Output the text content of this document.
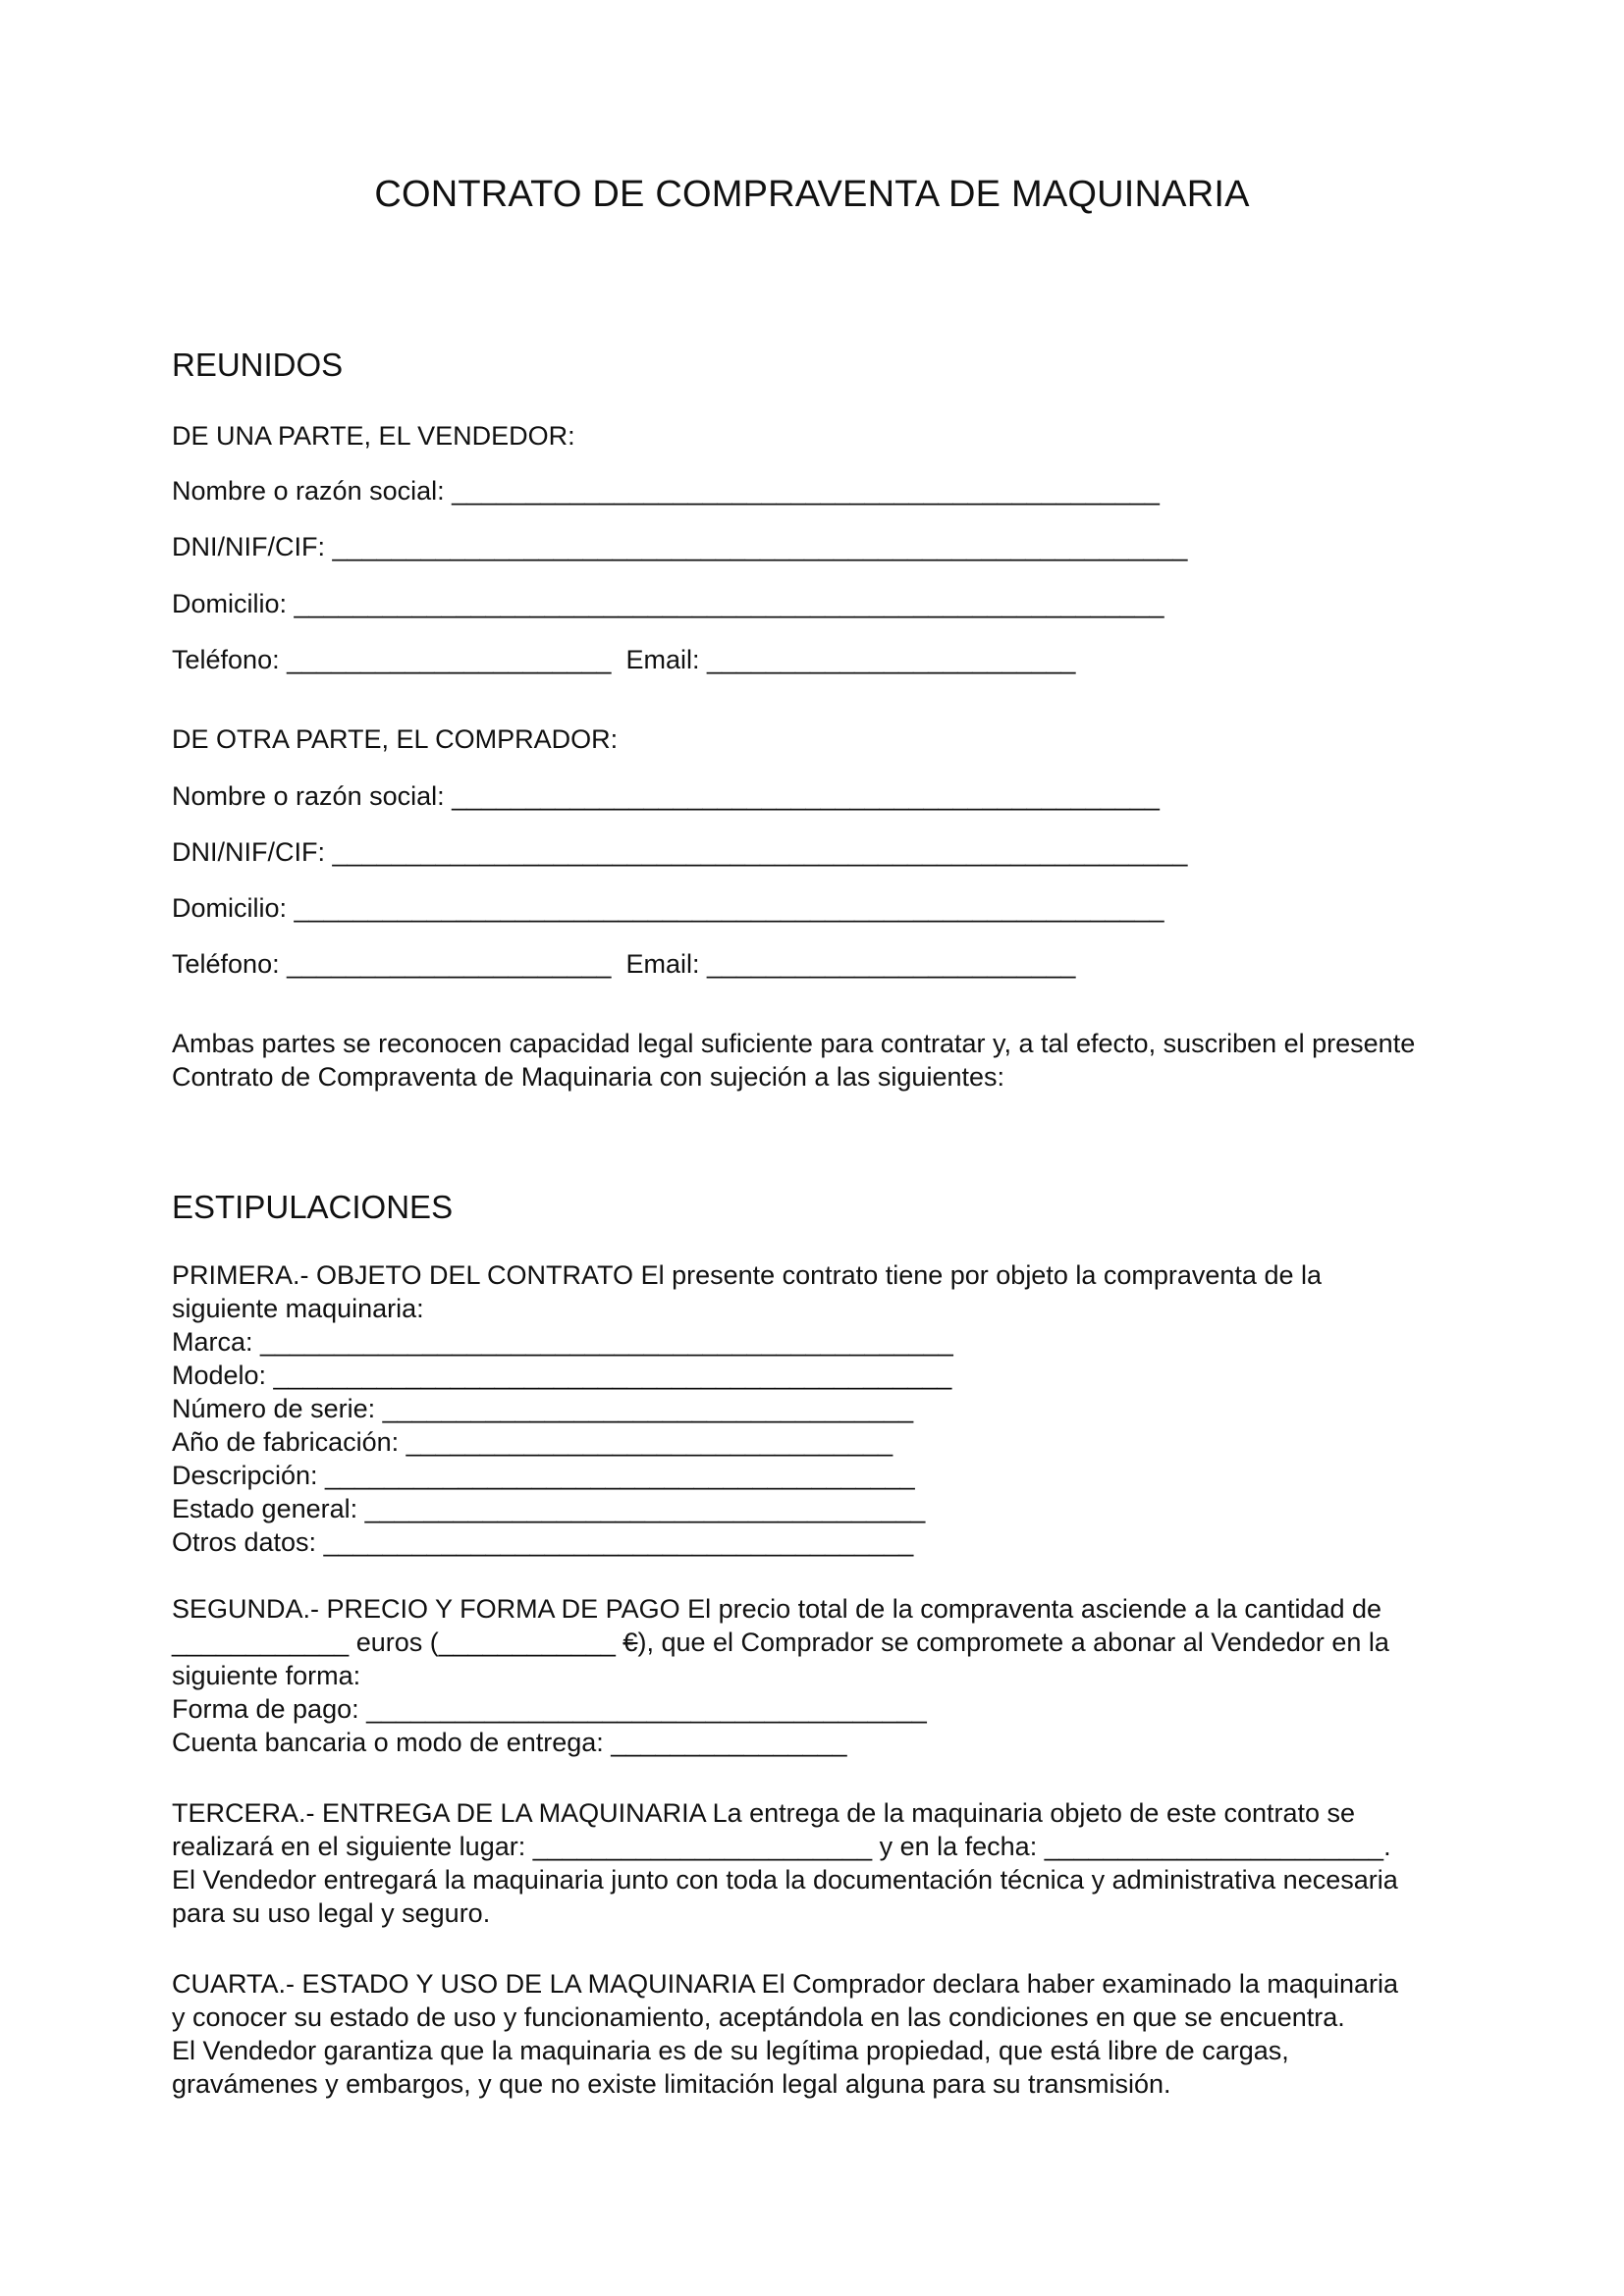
CONTRATO DE COMPRAVENTA DE MAQUINARIA
REUNIDOS
DE UNA PARTE, EL VENDEDOR:
Nombre o razón social: ________________________________________________
DNI/NIF/CIF: __________________________________________________________
Domicilio: ___________________________________________________________
Teléfono: ______________________  Email: _________________________
DE OTRA PARTE, EL COMPRADOR:
Nombre o razón social: ________________________________________________
DNI/NIF/CIF: __________________________________________________________
Domicilio: ___________________________________________________________
Teléfono: ______________________  Email: _________________________
Ambas partes se reconocen capacidad legal suficiente para contratar y, a tal efecto, suscriben el presente
Contrato de Compraventa de Maquinaria con sujeción a las siguientes:
ESTIPULACIONES
PRIMERA.- OBJETO DEL CONTRATO El presente contrato tiene por objeto la compraventa de la
siguiente maquinaria:
Marca: _______________________________________________
Modelo: ______________________________________________
Número de serie: ____________________________________
Año de fabricación: _________________________________
Descripción: ________________________________________
Estado general: ______________________________________
Otros datos: ________________________________________
SEGUNDA.- PRECIO Y FORMA DE PAGO El precio total de la compraventa asciende a la cantidad de
____________ euros (____________ €), que el Comprador se compromete a abonar al Vendedor en la
siguiente forma:
Forma de pago: ______________________________________
Cuenta bancaria o modo de entrega: ________________
TERCERA.- ENTREGA DE LA MAQUINARIA La entrega de la maquinaria objeto de este contrato se
realizará en el siguiente lugar: _______________________ y en la fecha: _______________________.
El Vendedor entregará la maquinaria junto con toda la documentación técnica y administrativa necesaria
para su uso legal y seguro.
CUARTA.- ESTADO Y USO DE LA MAQUINARIA El Comprador declara haber examinado la maquinaria
y conocer su estado de uso y funcionamiento, aceptándola en las condiciones en que se encuentra.
El Vendedor garantiza que la maquinaria es de su legítima propiedad, que está libre de cargas,
gravámenes y embargos, y que no existe limitación legal alguna para su transmisión.
